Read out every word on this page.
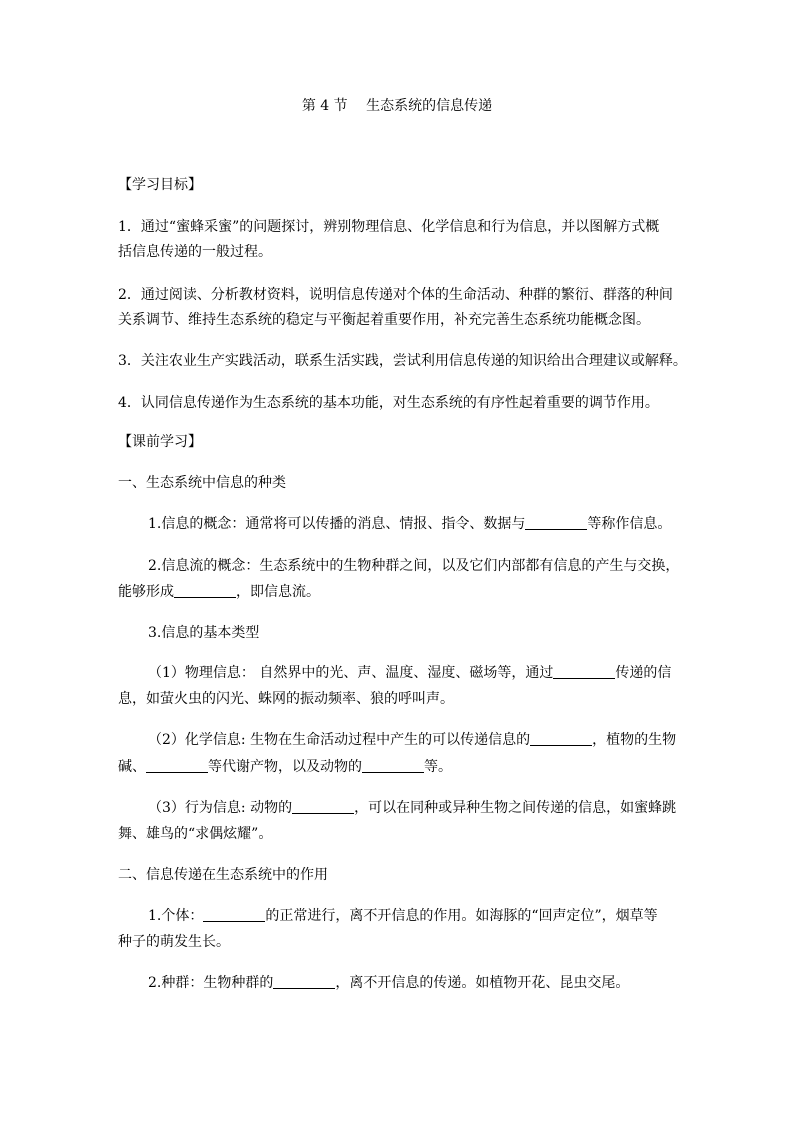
第 4 节　 生态系统的信息传递
【学习目标】
1．通过“蜜蜂采蜜”的问题探讨，辨别物理信息、化学信息和行为信息，并以图解方式概
括信息传递的一般过程。
2．通过阅读、分析教材资料，说明信息传递对个体的生命活动、种群的繁衍、群落的种间
关系调节、维持生态系统的稳定与平衡起着重要作用，补充完善生态系统功能概念图。
3．关注农业生产实践活动，联系生活实践，尝试利用信息传递的知识给出合理建议或解释。
4．认同信息传递作为生态系统的基本功能，对生态系统的有序性起着重要的调节作用。
【课前学习】
一、生态系统中信息的种类
1.信息的概念：通常将可以传播的消息、情报、指令、数据与	等称作信息。
2.信息流的概念：生态系统中的生物种群之间，以及它们内部都有信息的产生与交换，
能够形成	，即信息流。
3.信息的基本类型
（1）物理信息： 自然界中的光、声、温度、湿度、磁场等，通过	传递的信
息，如萤火虫的闪光、蛛网的振动频率、狼的呼叫声。
（2）化学信息: 生物在生命活动过程中产生的可以传递信息的	，植物的生物
碱、	等代谢产物，以及动物的	等。
（3）行为信息: 动物的	，可以在同种或异种生物之间传递的信息，如蜜蜂跳
舞、雄鸟的“求偶炫耀”。
二、信息传递在生态系统中的作用
1.个体：	的正常进行，离不开信息的作用。如海豚的“回声定位”，烟草等
种子的萌发生长。
2.种群：生物种群的	，离不开信息的传递。如植物开花、昆虫交尾。
